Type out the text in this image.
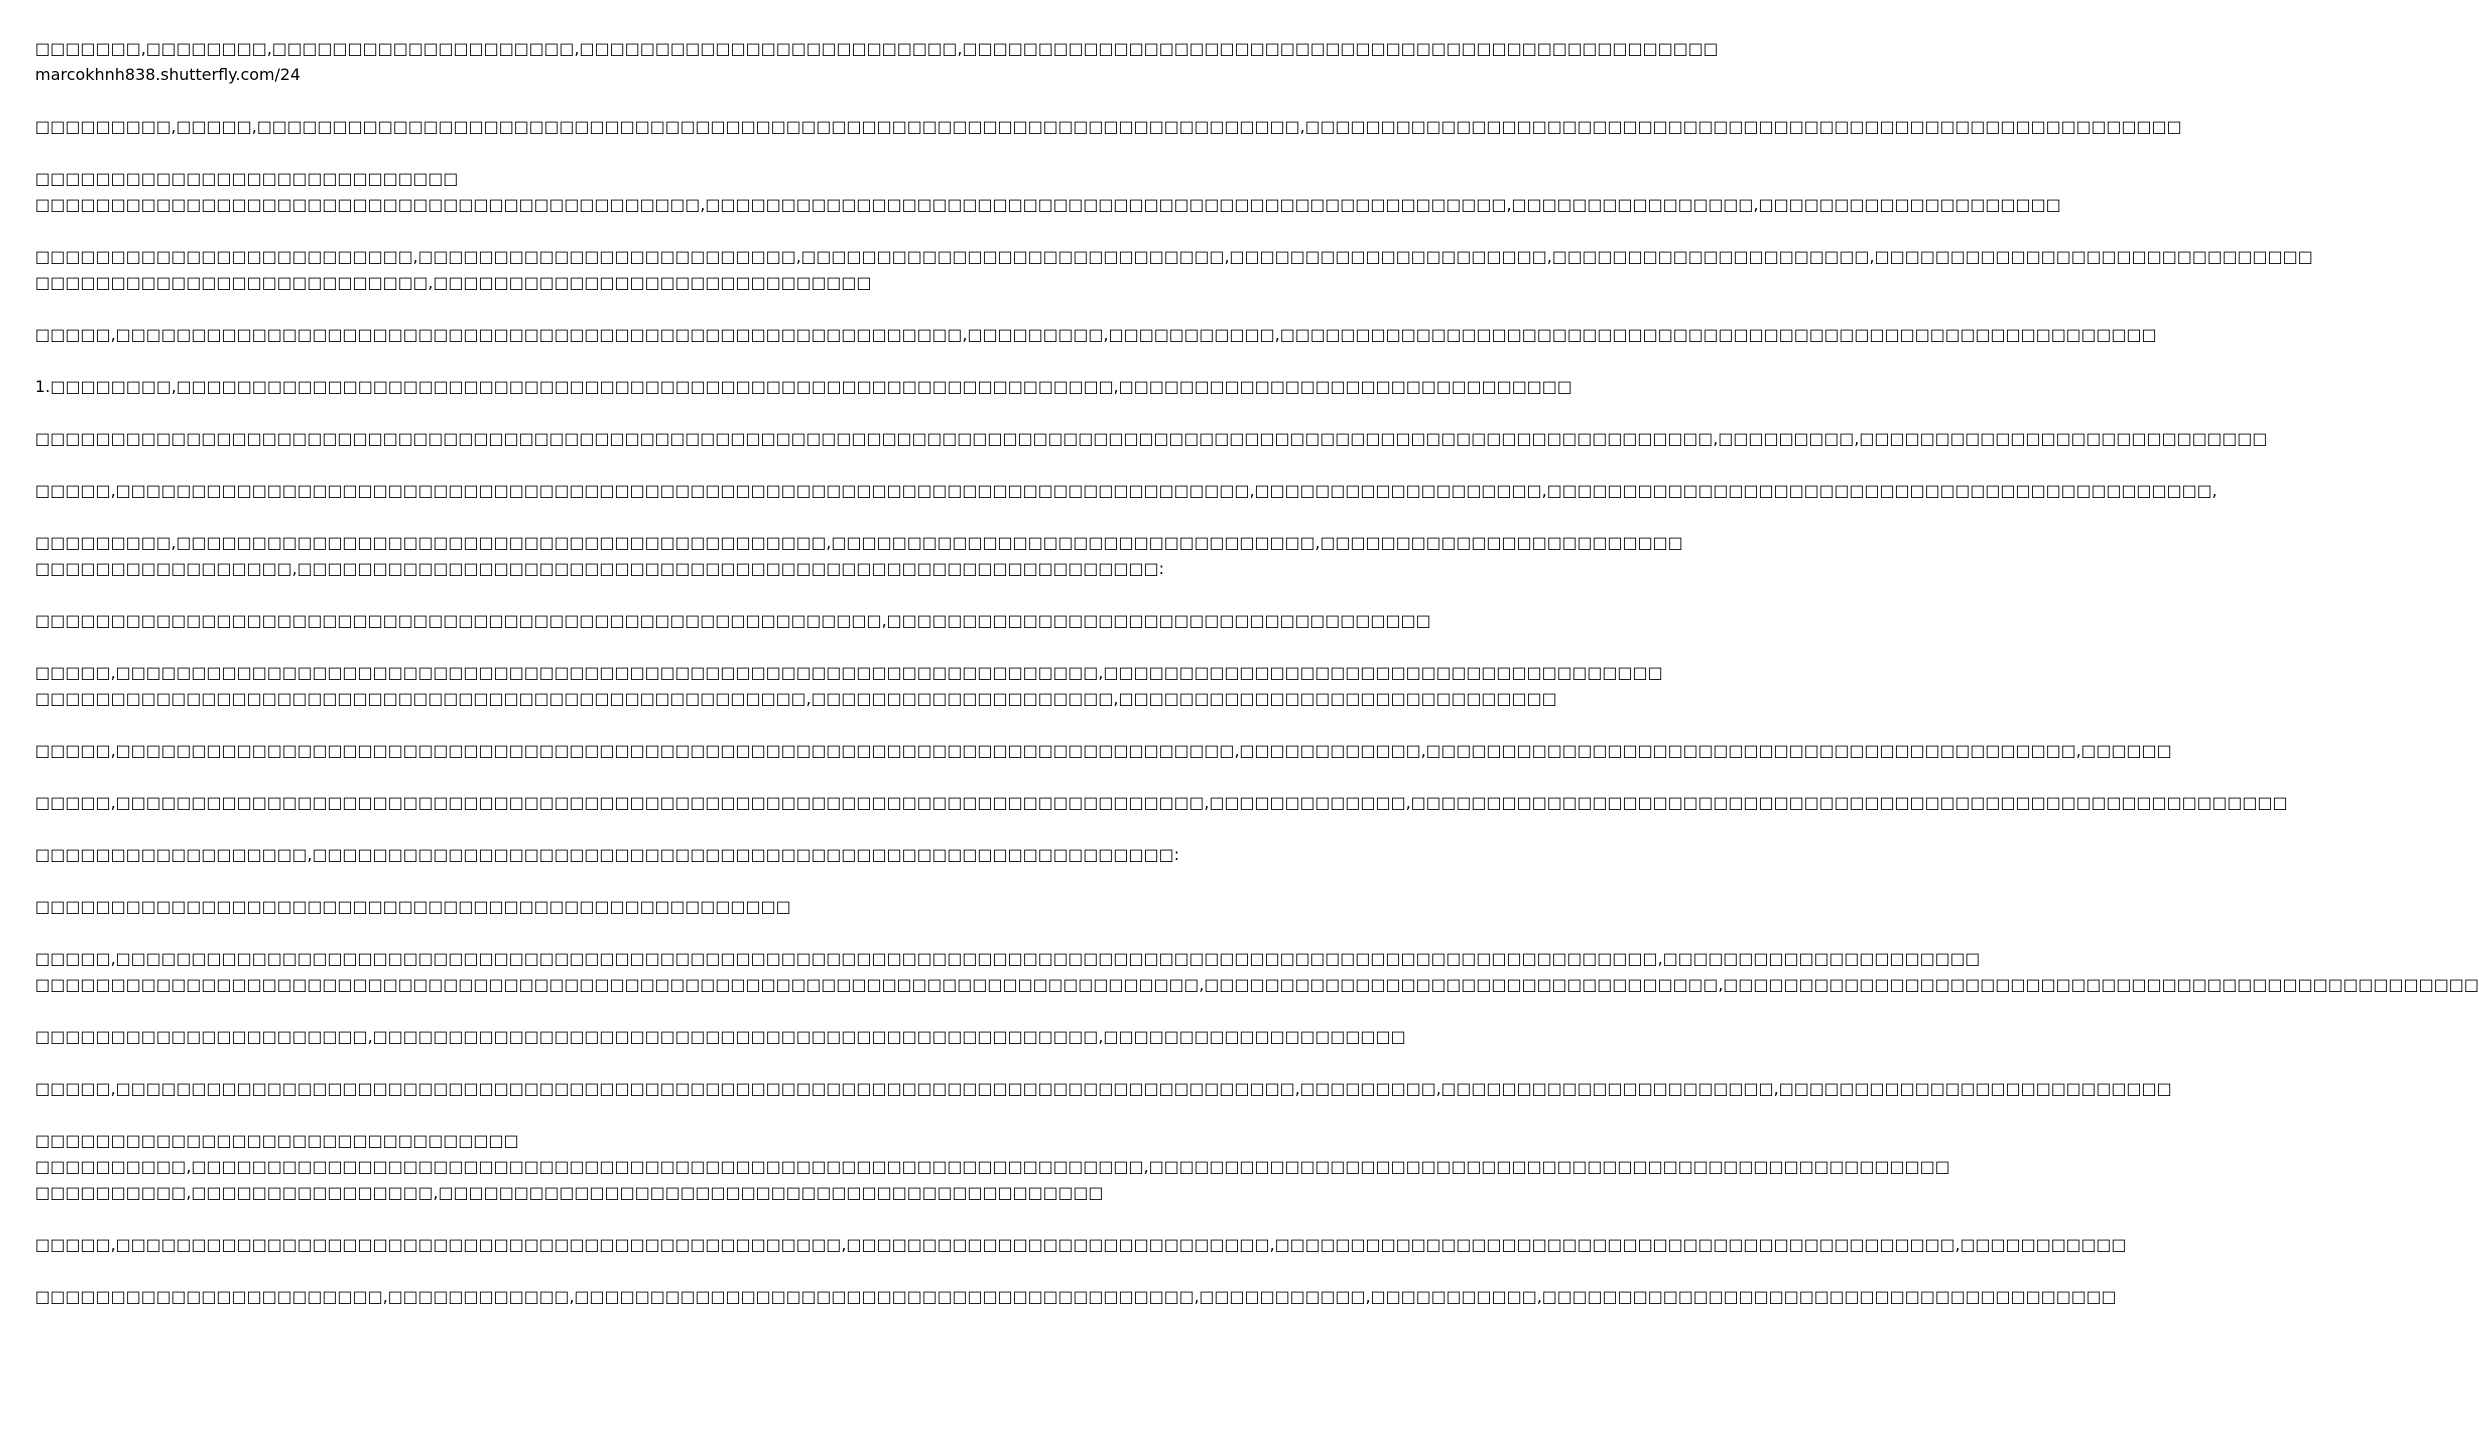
□□□□□□□,□□□□□□□□,□□□□□□□□□□□□□□□□□□□□,□□□□□□□□□□□□□□□□□□□□□□□□□,□□□□□□□□□□□□□□□□□□□□□□□□□□□□□□□□□□□□□□□□□□□□□□□□□□
marcokhnh838.shutterfly.com/24
□□□□□□□□□,□□□□□,□□□□□□□□□□□□□□□□□□□□□□□□□□□□□□□□□□□□□□□□□□□□□□□□□□□□□□□□□□□□□□□□□□□□□,□□□□□□□□□□□□□□□□□□□□□□□□□□□□□□□□□□□□□□□□□□□□□□□□□□□□□□□□□□
□□□□□□□□□□□□□□□□□□□□□□□□□□□□
□□□□□□□□□□□□□□□□□□□□□□□□□□□□□□□□□□□□□□□□□□□□,□□□□□□□□□□□□□□□□□□□□□□□□□□□□□□□□□□□□□□□□□□□□□□□□□□□□□,□□□□□□□□□□□□□□□□,□□□□□□□□□□□□□□□□□□□□
□□□□□□□□□□□□□□□□□□□□□□□□□,□□□□□□□□□□□□□□□□□□□□□□□□□,□□□□□□□□□□□□□□□□□□□□□□□□□□□□,□□□□□□□□□□□□□□□□□□□□□,□□□□□□□□□□□□□□□□□□□□□,□□□□□□□□□□□□□□□□□□□□□□□□□□□□□
□□□□□□□□□□□□□□□□□□□□□□□□□□,□□□□□□□□□□□□□□□□□□□□□□□□□□□□□
□□□□□,□□□□□□□□□□□□□□□□□□□□□□□□□□□□□□□□□□□□□□□□□□□□□□□□□□□□□□□□,□□□□□□□□□,□□□□□□□□□□□,□□□□□□□□□□□□□□□□□□□□□□□□□□□□□□□□□□□□□□□□□□□□□□□□□□□□□□□□□□
1.□□□□□□□□,□□□□□□□□□□□□□□□□□□□□□□□□□□□□□□□□□□□□□□□□□□□□□□□□□□□□□□□□□□□□□□,□□□□□□□□□□□□□□□□□□□□□□□□□□□□□□
□□□□□□□□□□□□□□□□□□□□□□□□□□□□□□□□□□□□□□□□□□□□□□□□□□□□□□□□□□□□□□□□□□□□□□□□□□□□□□□□□□□□□□□□□□□□□□□□□□□□□□□□□□□□□□□,□□□□□□□□□,□□□□□□□□□□□□□□□□□□□□□□□□□□□
□□□□□,□□□□□□□□□□□□□□□□□□□□□□□□□□□□□□□□□□□□□□□□□□□□□□□□□□□□□□□□□□□□□□□□□□□□□□□□□□□,□□□□□□□□□□□□□□□□□□□,□□□□□□□□□□□□□□□□□□□□□□□□□□□□□□□□□□□□□□□□□□□□,
□□□□□□□□□,□□□□□□□□□□□□□□□□□□□□□□□□□□□□□□□□□□□□□□□□□□□,□□□□□□□□□□□□□□□□□□□□□□□□□□□□□□□□,□□□□□□□□□□□□□□□□□□□□□□□□
□□□□□□□□□□□□□□□□□,□□□□□□□□□□□□□□□□□□□□□□□□□□□□□□□□□□□□□□□□□□□□□□□□□□□□□□□□□:
□□□□□□□□□□□□□□□□□□□□□□□□□□□□□□□□□□□□□□□□□□□□□□□□□□□□□□□□,□□□□□□□□□□□□□□□□□□□□□□□□□□□□□□□□□□□□
□□□□□,□□□□□□□□□□□□□□□□□□□□□□□□□□□□□□□□□□□□□□□□□□□□□□□□□□□□□□□□□□□□□□□□□,□□□□□□□□□□□□□□□□□□□□□□□□□□□□□□□□□□□□□
□□□□□□□□□□□□□□□□□□□□□□□□□□□□□□□□□□□□□□□□□□□□□□□□□□□,□□□□□□□□□□□□□□□□□□□□,□□□□□□□□□□□□□□□□□□□□□□□□□□□□□
□□□□□,□□□□□□□□□□□□□□□□□□□□□□□□□□□□□□□□□□□□□□□□□□□□□□□□□□□□□□□□□□□□□□□□□□□□□□□□□□,□□□□□□□□□□□□,□□□□□□□□□□□□□□□□□□□□□□□□□□□□□□□□□□□□□□□□□□□,□□□□□□
□□□□□,□□□□□□□□□□□□□□□□□□□□□□□□□□□□□□□□□□□□□□□□□□□□□□□□□□□□□□□□□□□□□□□□□□□□□□□□,□□□□□□□□□□□□□,□□□□□□□□□□□□□□□□□□□□□□□□□□□□□□□□□□□□□□□□□□□□□□□□□□□□□□□□□□
□□□□□□□□□□□□□□□□□□,□□□□□□□□□□□□□□□□□□□□□□□□□□□□□□□□□□□□□□□□□□□□□□□□□□□□□□□□□:
□□□□□□□□□□□□□□□□□□□□□□□□□□□□□□□□□□□□□□□□□□□□□□□□□□
□□□□□,□□□□□□□□□□□□□□□□□□□□□□□□□□□□□□□□□□□□□□□□□□□□□□□□□□□□□□□□□□□□□□□□□□□□□□□□□□□□□□□□□□□□□□□□□□□□□□□□□□□□□□,□□□□□□□□□□□□□□□□□□□□□
□□□□□□□□□□□□□□□□□□□□□□□□□□□□□□□□□□□□□□□□□□□□□□□□□□□□□□□□□□□□□□□□□□□□□□□□□□□□□,□□□□□□□□□□□□□□□□□□□□□□□□□□□□□□□□□□,□□□□□□□□□□□□□□□□□□□□□□□□□□□□□□□□□□□□□□□□□□□□□□□□□□
□□□□□□□□□□□□□□□□□□□□□□,□□□□□□□□□□□□□□□□□□□□□□□□□□□□□□□□□□□□□□□□□□□□□□□□,□□□□□□□□□□□□□□□□□□□□
□□□□□,□□□□□□□□□□□□□□□□□□□□□□□□□□□□□□□□□□□□□□□□□□□□□□□□□□□□□□□□□□□□□□□□□□□□□□□□□□□□□□,□□□□□□□□□,□□□□□□□□□□□□□□□□□□□□□□,□□□□□□□□□□□□□□□□□□□□□□□□□□
□□□□□□□□□□□□□□□□□□□□□□□□□□□□□□□□
□□□□□□□□□□,□□□□□□□□□□□□□□□□□□□□□□□□□□□□□□□□□□□□□□□□□□□□□□□□□□□□□□□□□□□□□□□,□□□□□□□□□□□□□□□□□□□□□□□□□□□□□□□□□□□□□□□□□□□□□□□□□□□□□
□□□□□□□□□□,□□□□□□□□□□□□□□□□,□□□□□□□□□□□□□□□□□□□□□□□□□□□□□□□□□□□□□□□□□□□□
□□□□□,□□□□□□□□□□□□□□□□□□□□□□□□□□□□□□□□□□□□□□□□□□□□□□□□,□□□□□□□□□□□□□□□□□□□□□□□□□□□□,□□□□□□□□□□□□□□□□□□□□□□□□□□□□□□□□□□□□□□□□□□□□□,□□□□□□□□□□□
□□□□□□□□□□□□□□□□□□□□□□□,□□□□□□□□□□□□,□□□□□□□□□□□□□□□□□□□□□□□□□□□□□□□□□□□□□□□□□,□□□□□□□□□□□,□□□□□□□□□□□,□□□□□□□□□□□□□□□□□□□□□□□□□□□□□□□□□□□□□□
